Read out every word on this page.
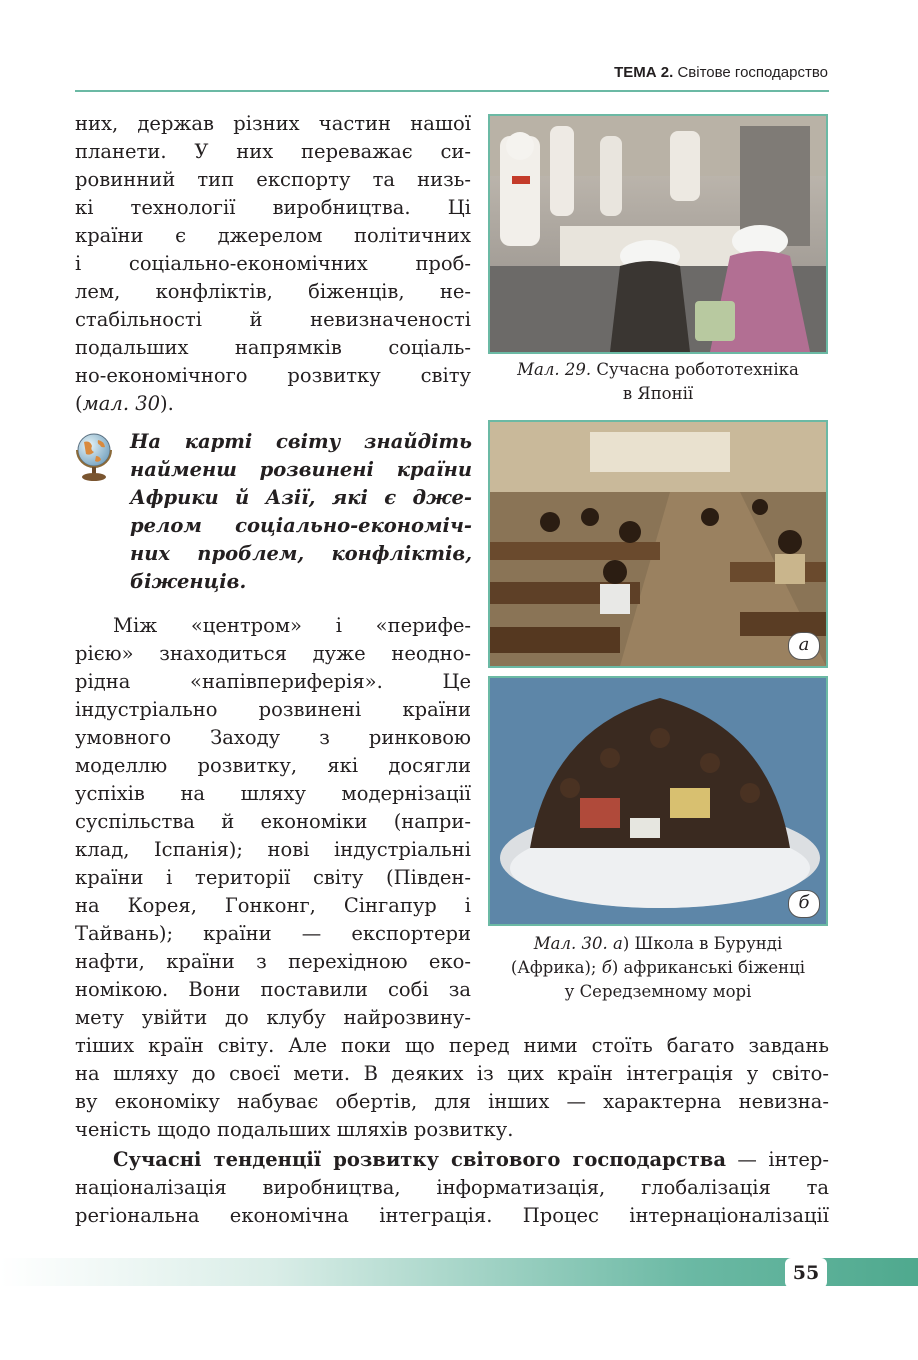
ТЕМА 2. Світове господарство

них, держав різних частин нашої

планети. У них переважає си-

ровинний тип експорту та низь-

кі технології виробництва. Ці

країни є джерелом політичних

і соціально-економічних проб-

лем, конфліктів, біженців, не-

стабільності й невизначеності

подальших напрямків соціаль-

но-економічного розвитку світу

(мал. 30).

На карті світу знайдіть

найменш розвинені країни

Африки й Азії, які є дже-

релом соціально-економіч-

них проблем, конфліктів,

біженців.

Між «центром» і «перифе-

рією» знаходиться дуже неодно-

рідна «напівпериферія». Це

індустріально розвинені країни

умовного Заходу з ринковою

моделлю розвитку, які досягли

успіхів на шляху модернізації

суспільства й економіки (напри-

клад, Іспанія); нові індустріальні

країни і території світу (Півден-

на Корея, Гонконг, Сінгапур і

Тайвань); країни — експортери

нафти, країни з перехідною еко-

номікою. Вони поставили собі за

мету увійти до клубу найрозвину-

тіших країн світу. Але поки що перед ними стоїть багато завдань

на шляху до своєї мети. В деяких із цих країн інтеграція у світо-

ву економіку набуває обертів, для інших — характерна невизна-

ченість щодо подальших шляхів розвитку.

Сучасні тенденції розвитку світового господарства — інтер-

націоналізація виробництва, інформатизація, глобалізація та

регіональна економічна інтеграція. Процес інтернаціоналізації

Мал. 29. Сучасна робототехніка
в Японії
а
б
Мал. 30. а) Школа в Бурунді
(Африка); б) африканські біженці
у Середземному морі
55
